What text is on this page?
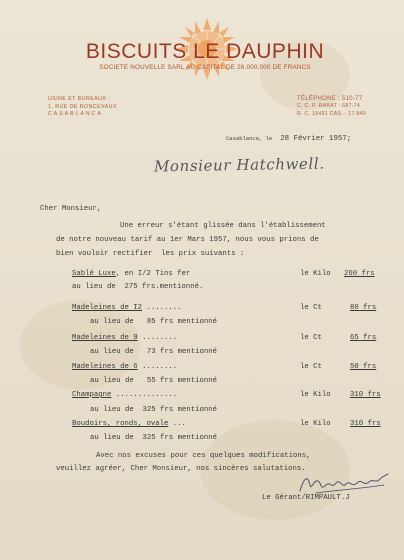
BISCUITS LE DAUPHIN
SOCIETE NOUVELLE SARL AU CAPITAL DE 26.000.000 DE FRANCS
USINE ET BUREAUX :
1, RUE DE RONCEVAUX
CASABLANCA
TÉLÉPHONE : 510-77
C. C. P. RABAT : 687-74
R. C. 15431 CAS. : 17.949
Casablanca, le 28 Février 1957;
Monsieur Hatchwell.
Cher Monsieur,
Une erreur s'étant glissée dans l'établissement
de notre nouveau tarif au 1er Mars 1957, nous vous prions de
bien vouloir rectifier  les prix suivants :
Sablé Luxe, en I/2 Tins fer	le Kilo 260 frs
au lieu de  275 frs.mentionné.
Madeleines de I2 ........	le Ct	80 frs
au lieu de   85 frs mentionné
Madeleines de 9 ........	le Ct	65 frs
au lieu de   73 frs mentionné
Madeleines de 6 ........	le Ct	50 frs
au lieu de   55 frs mentionné
Champagne ..............	le Kilo	310 frs
au lieu de  325 frs mentionné
Boudoirs, ronds, ovale ...	le Kilo	310 frs
au lieu de  325 frs mentionné
Avec nos excuses pour ces quelques modifications,
veuillez agréer, Cher Monsieur, nos sincères salutations.
Le Gérant/RIMPAULT.J
